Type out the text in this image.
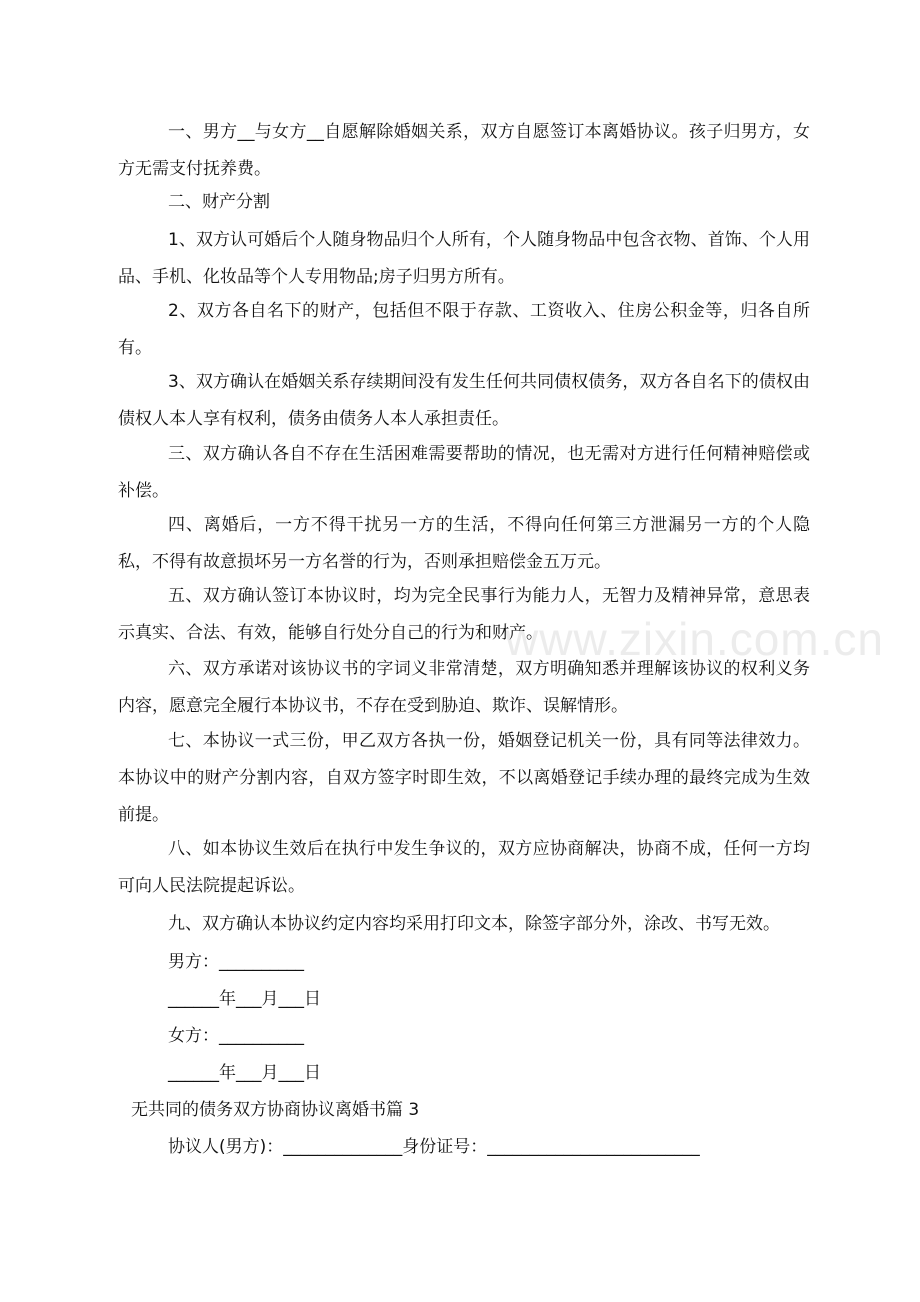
www.zixin.com.cn

一、男方__与女方__自愿解除婚姻关系，双方自愿签订本离婚协议。孩子归男方，女方无需支付抚养费。

二、财产分割

1、双方认可婚后个人随身物品归个人所有，个人随身物品中包含衣物、首饰、个人用品、手机、化妆品等个人专用物品;房子归男方所有。

2、双方各自名下的财产，包括但不限于存款、工资收入、住房公积金等，归各自所有。

3、双方确认在婚姻关系存续期间没有发生任何共同债权债务，双方各自名下的债权由债权人本人享有权利，债务由债务人本人承担责任。

三、双方确认各自不存在生活困难需要帮助的情况，也无需对方进行任何精神赔偿或补偿。

四、离婚后，一方不得干扰另一方的生活，不得向任何第三方泄漏另一方的个人隐私，不得有故意损坏另一方名誉的行为，否则承担赔偿金五万元。

五、双方确认签订本协议时，均为完全民事行为能力人，无智力及精神异常，意思表示真实、合法、有效，能够自行处分自己的行为和财产。

六、双方承诺对该协议书的字词义非常清楚，双方明确知悉并理解该协议的权利义务内容，愿意完全履行本协议书，不存在受到胁迫、欺诈、误解情形。

七、本协议一式三份，甲乙双方各执一份，婚姻登记机关一份，具有同等法律效力。本协议中的财产分割内容，自双方签字时即生效，不以离婚登记手续办理的最终完成为生效前提。

八、如本协议生效后在执行中发生争议的，双方应协商解决，协商不成，任何一方均可向人民法院提起诉讼。

九、双方确认本协议约定内容均采用打印文本，除签字部分外，涂改、书写无效。

男方：__________

______年___月___日

女方：__________

______年___月___日

无共同的债务双方协商协议离婚书篇 3

协议人(男方)：______________身份证号：_________________________
